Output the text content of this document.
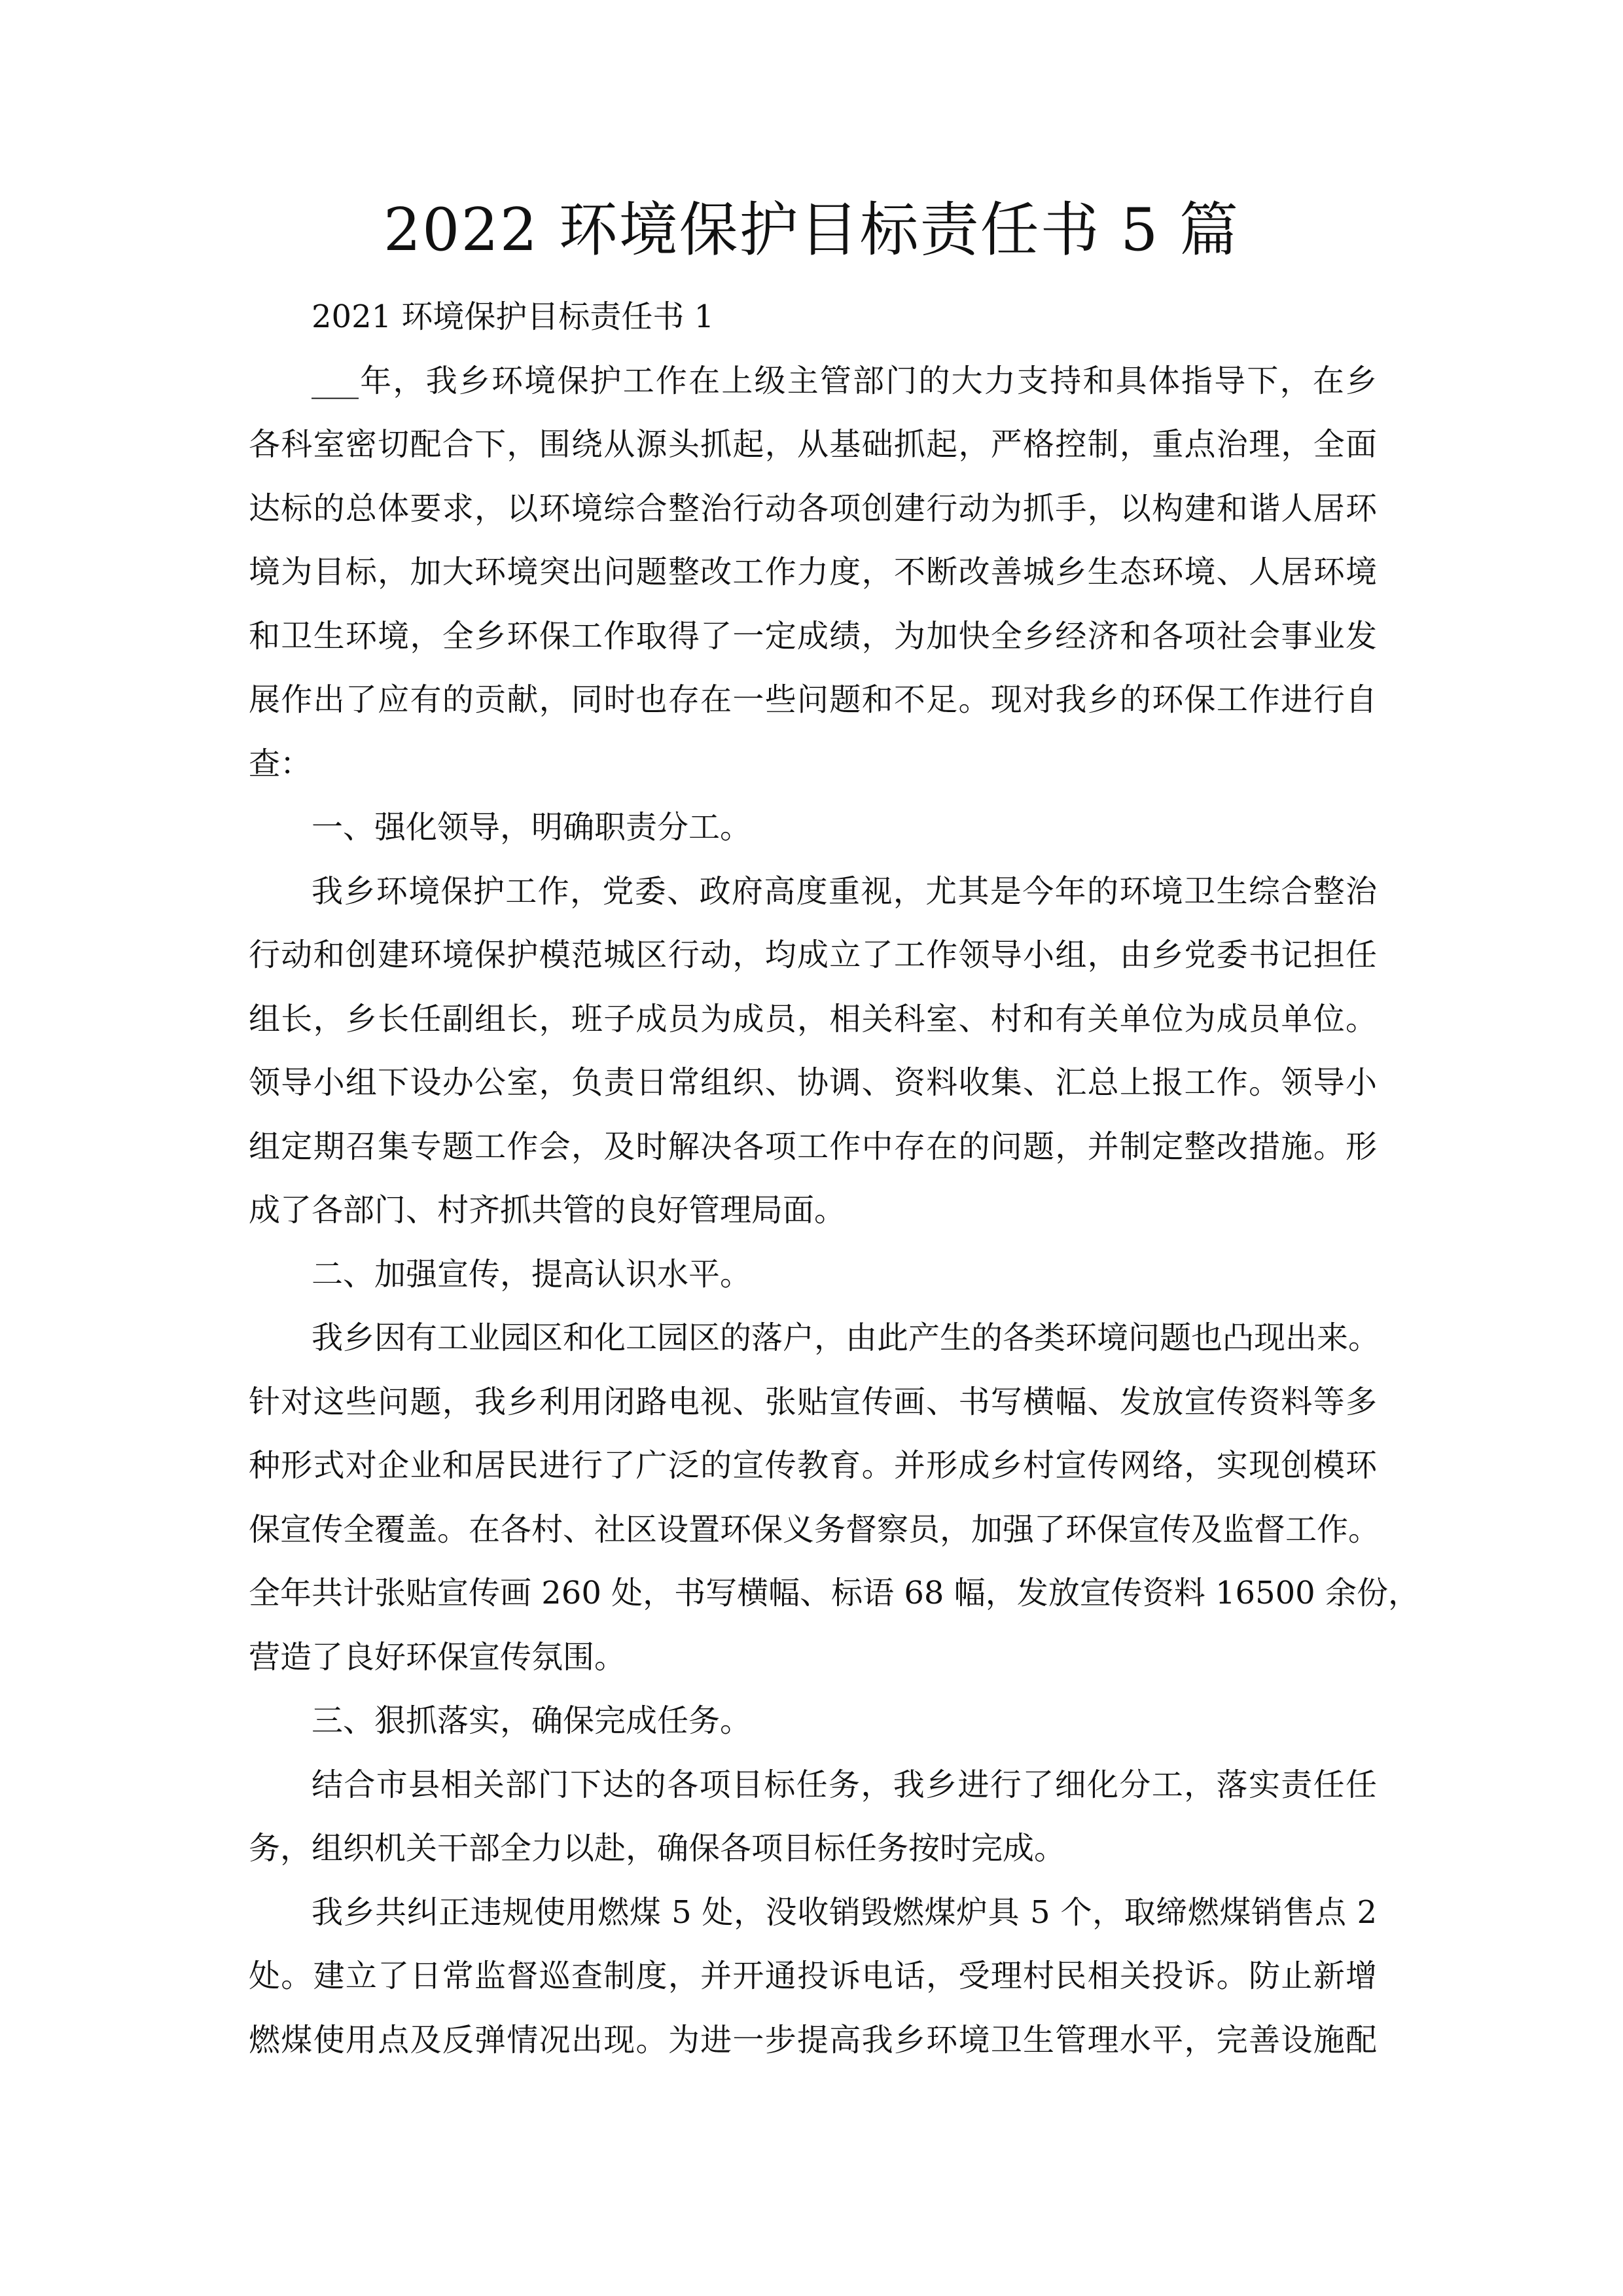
2022 环境保护目标责任书 5 篇
2021 环境保护目标责任书 1
___年，我乡环境保护工作在上级主管部门的大力支持和具体指导下，在乡
各科室密切配合下，围绕从源头抓起，从基础抓起，严格控制，重点治理，全面
达标的总体要求，以环境综合整治行动各项创建行动为抓手，以构建和谐人居环
境为目标，加大环境突出问题整改工作力度，不断改善城乡生态环境、人居环境
和卫生环境，全乡环保工作取得了一定成绩，为加快全乡经济和各项社会事业发
展作出了应有的贡献，同时也存在一些问题和不足。现对我乡的环保工作进行自
查：
一、强化领导，明确职责分工。
我乡环境保护工作，党委、政府高度重视，尤其是今年的环境卫生综合整治
行动和创建环境保护模范城区行动，均成立了工作领导小组，由乡党委书记担任
组长，乡长任副组长，班子成员为成员，相关科室、村和有关单位为成员单位。
领导小组下设办公室，负责日常组织、协调、资料收集、汇总上报工作。领导小
组定期召集专题工作会，及时解决各项工作中存在的问题，并制定整改措施。形
成了各部门、村齐抓共管的良好管理局面。
二、加强宣传，提高认识水平。
我乡因有工业园区和化工园区的落户，由此产生的各类环境问题也凸现出来。
针对这些问题，我乡利用闭路电视、张贴宣传画、书写横幅、发放宣传资料等多
种形式对企业和居民进行了广泛的宣传教育。并形成乡村宣传网络，实现创模环
保宣传全覆盖。在各村、社区设置环保义务督察员，加强了环保宣传及监督工作。
全年共计张贴宣传画 260 处，书写横幅、标语 68 幅，发放宣传资料 16500 余份，
营造了良好环保宣传氛围。
三、狠抓落实，确保完成任务。
结合市县相关部门下达的各项目标任务，我乡进行了细化分工，落实责任任
务，组织机关干部全力以赴，确保各项目标任务按时完成。
我乡共纠正违规使用燃煤 5 处，没收销毁燃煤炉具 5 个，取缔燃煤销售点 2
处。建立了日常监督巡查制度，并开通投诉电话，受理村民相关投诉。防止新增
燃煤使用点及反弹情况出现。为进一步提高我乡环境卫生管理水平，完善设施配
